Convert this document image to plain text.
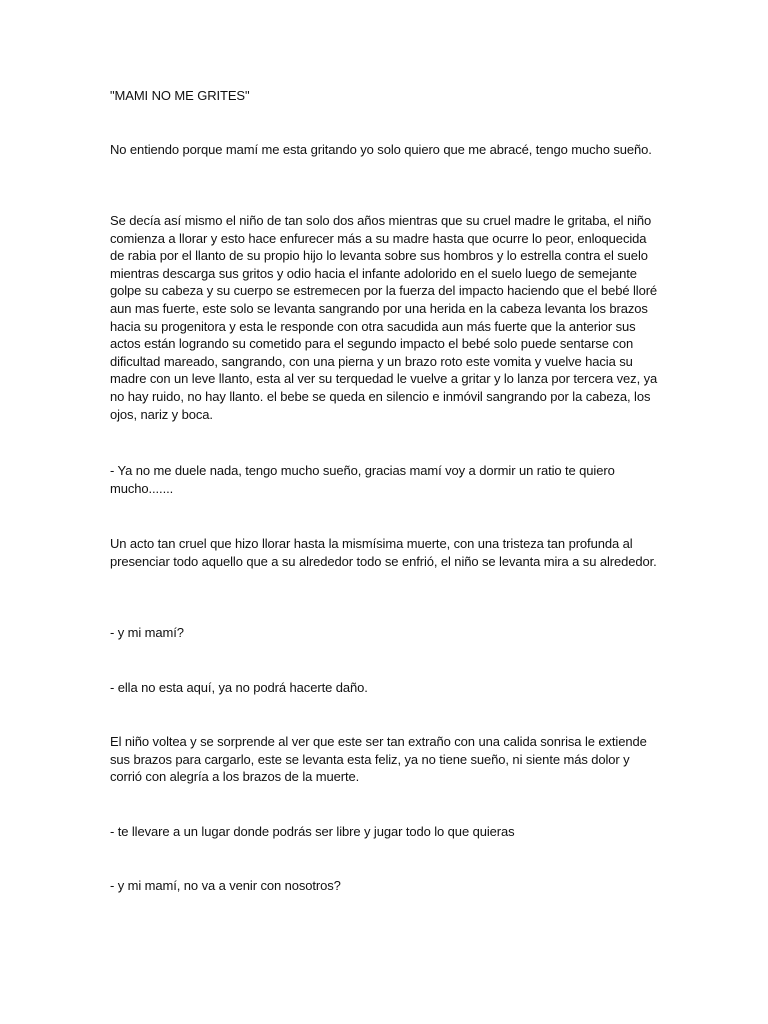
"MAMI NO ME GRITES"

No entiendo porque mamí me esta gritando yo solo quiero que me abracé, tengo mucho sueño.

Se decía así mismo el niño de tan solo dos años mientras que su cruel madre le gritaba, el niño comienza a llorar y esto hace enfurecer más a su madre hasta que ocurre lo peor, enloquecida de rabia por el llanto de su propio hijo lo levanta sobre sus hombros y lo estrella contra el suelo mientras descarga sus gritos y odio hacia el infante adolorido en el suelo luego de semejante golpe su cabeza y su cuerpo se estremecen por la fuerza del impacto haciendo que el bebé lloré aun mas fuerte, este solo se levanta sangrando por una herida en la cabeza levanta los brazos hacia su progenitora y esta le responde con otra sacudida aun más fuerte que la anterior sus actos están logrando su cometido para el segundo impacto el bebé solo puede sentarse con dificultad mareado, sangrando, con una pierna y un brazo roto este vomita y vuelve hacia su madre con un leve llanto, esta al ver su terquedad le vuelve a gritar y lo lanza por tercera vez, ya no hay ruido, no hay llanto. el bebe se queda en silencio e inmóvil sangrando por la cabeza, los ojos, nariz y boca.

- Ya no me duele nada, tengo mucho sueño, gracias mamí voy a dormir un ratio te quiero mucho.......

Un acto tan cruel que hizo llorar hasta la mismísima muerte, con una tristeza tan profunda al presenciar todo aquello que a su alrededor todo se enfrió, el niño se levanta mira a su alrededor.

- y mi mamí?

- ella no esta aquí, ya no podrá hacerte daño.

El niño voltea y se sorprende al ver que este ser tan extraño con una calida sonrisa le extiende sus brazos para cargarlo, este se levanta esta feliz, ya no tiene sueño, ni siente más dolor y corrió con alegría a los brazos de la muerte.

- te llevare a un lugar donde podrás ser libre y jugar todo lo que quieras

- y mi mamí, no va a venir con nosotros?
